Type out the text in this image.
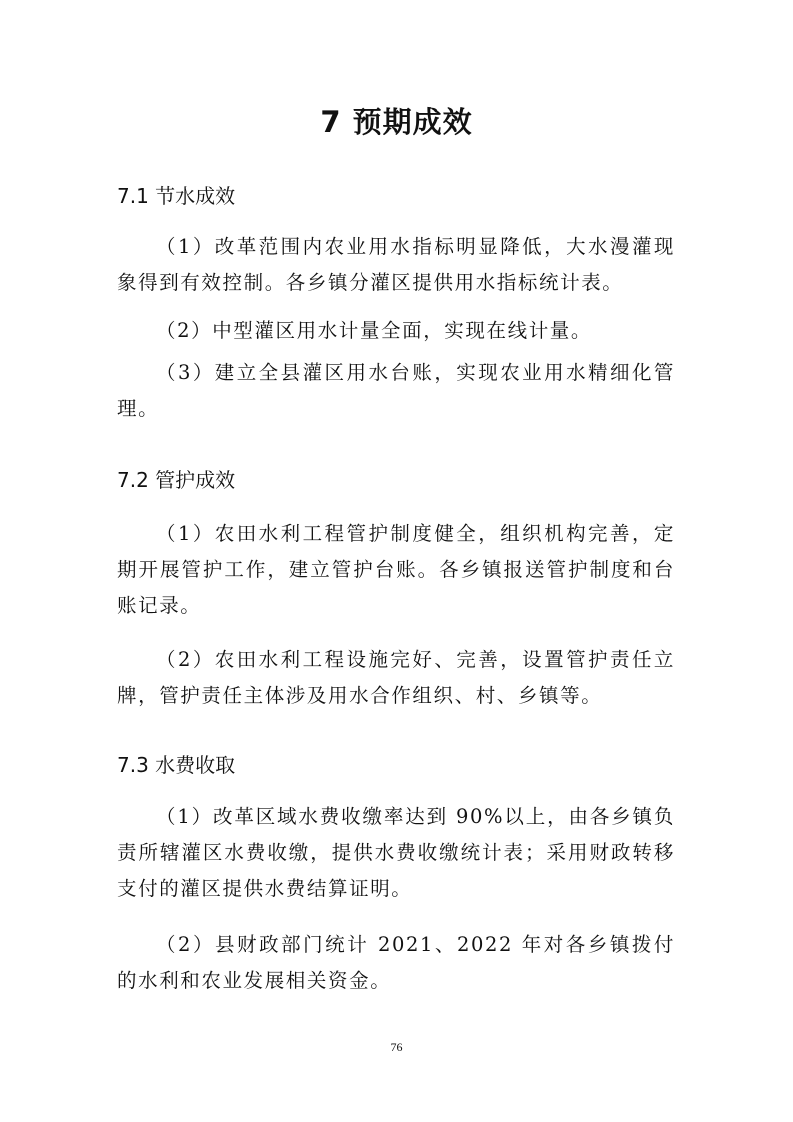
7 预期成效
7.1 节水成效

（1）改革范围内农业用水指标明显降低，大水漫灌现象得到有效控制。各乡镇分灌区提供用水指标统计表。

（2）中型灌区用水计量全面，实现在线计量。

（3）建立全县灌区用水台账，实现农业用水精细化管理。

7.2 管护成效

（1）农田水利工程管护制度健全，组织机构完善，定期开展管护工作，建立管护台账。各乡镇报送管护制度和台账记录。

（2）农田水利工程设施完好、完善，设置管护责任立牌，管护责任主体涉及用水合作组织、村、乡镇等。

7.3 水费收取

（1）改革区域水费收缴率达到 90%以上，由各乡镇负责所辖灌区水费收缴，提供水费收缴统计表；采用财政转移支付的灌区提供水费结算证明。

（2）县财政部门统计 2021、2022 年对各乡镇拨付的水利和农业发展相关资金。

76
